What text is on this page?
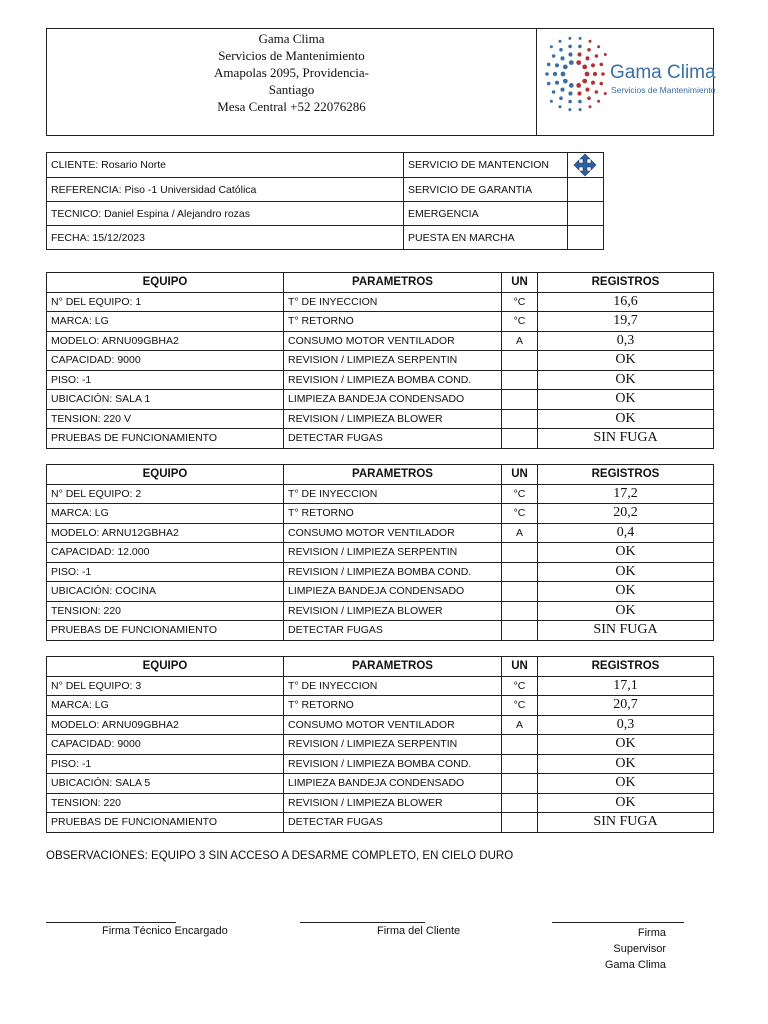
Gama Clima
Servicios de Mantenimiento
Amapolas 2095, Providencia-
Santiago
Mesa Central +52 22076286
Gama Clima
Servicios de Mantenimiento
CLIENTE: Rosario Norte	SERVICIO DE MANTENCION	

REFERENCIA: Piso -1 Universidad Católica	SERVICIO DE GARANTIA	
TECNICO: Daniel Espina / Alejandro rozas	EMERGENCIA	
FECHA: 15/12/2023	PUESTA EN MARCHA	
EQUIPO	PARAMETROS	UN	REGISTROS
N° DEL EQUIPO: 1	T° DE INYECCION	°C	16,6
MARCA: LG	T° RETORNO	°C	19,7
MODELO: ARNU09GBHA2	CONSUMO MOTOR VENTILADOR	A	0,3
CAPACIDAD: 9000	REVISION / LIMPIEZA SERPENTIN		OK
PISO: -1	REVISION / LIMPIEZA BOMBA COND.		OK
UBICACIÓN: SALA 1	LIMPIEZA BANDEJA CONDENSADO		OK
TENSION: 220 V	REVISION / LIMPIEZA BLOWER		OK
PRUEBAS DE FUNCIONAMIENTO	DETECTAR FUGAS		SIN FUGA
EQUIPO	PARAMETROS	UN	REGISTROS
N° DEL EQUIPO: 2	T° DE INYECCION	°C	17,2
MARCA: LG	T° RETORNO	°C	20,2
MODELO: ARNU12GBHA2	CONSUMO MOTOR VENTILADOR	A	0,4
CAPACIDAD: 12.000	REVISION / LIMPIEZA SERPENTIN		OK
PISO: -1	REVISION / LIMPIEZA BOMBA COND.		OK
UBICACIÓN: COCINA	LIMPIEZA BANDEJA CONDENSADO		OK
TENSION: 220	REVISION / LIMPIEZA BLOWER		OK
PRUEBAS DE FUNCIONAMIENTO	DETECTAR FUGAS		SIN FUGA
EQUIPO	PARAMETROS	UN	REGISTROS
N° DEL EQUIPO: 3	T° DE INYECCION	°C	17,1
MARCA: LG	T° RETORNO	°C	20,7
MODELO: ARNU09GBHA2	CONSUMO MOTOR VENTILADOR	A	0,3
CAPACIDAD: 9000	REVISION / LIMPIEZA SERPENTIN		OK
PISO: -1	REVISION / LIMPIEZA BOMBA COND.		OK
UBICACIÓN: SALA 5	LIMPIEZA BANDEJA CONDENSADO		OK
TENSION: 220	REVISION / LIMPIEZA BLOWER		OK
PRUEBAS DE FUNCIONAMIENTO	DETECTAR FUGAS		SIN FUGA
OBSERVACIONES: EQUIPO 3 SIN ACCESO A DESARME COMPLETO, EN CIELO DURO
Firma Técnico Encargado	Firma del Cliente	Firma
Supervisor
Gama Clima
